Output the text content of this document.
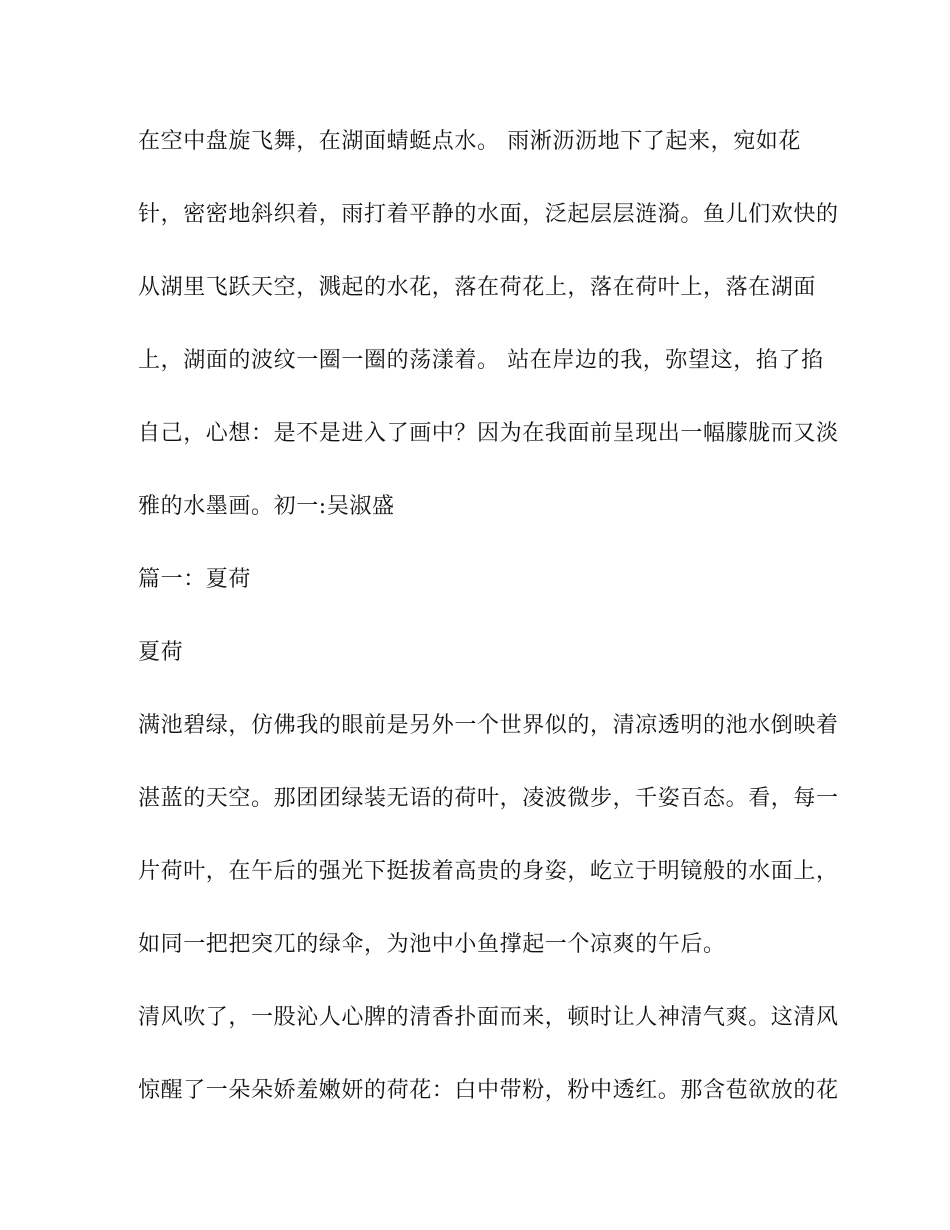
在空中盘旋飞舞，在湖面蜻蜓点水。 雨淅沥沥地下了起来，宛如花
针，密密地斜织着，雨打着平静的水面，泛起层层涟漪。鱼儿们欢快的
从湖里飞跃天空，溅起的水花，落在荷花上，落在荷叶上，落在湖面
上，湖面的波纹一圈一圈的荡漾着。 站在岸边的我，弥望这，掐了掐
自己，心想：是不是进入了画中？因为在我面前呈现出一幅朦胧而又淡
雅的水墨画。初一:吴淑盛
篇一：夏荷
夏荷
满池碧绿，仿佛我的眼前是另外一个世界似的，清凉透明的池水倒映着
湛蓝的天空。那团团绿装无语的荷叶，凌波微步，千姿百态。看，每一
片荷叶，在午后的强光下挺拔着高贵的身姿，屹立于明镜般的水面上，
如同一把把突兀的绿伞，为池中小鱼撑起一个凉爽的午后。
清风吹了，一股沁人心脾的清香扑面而来，顿时让人神清气爽。这清风
惊醒了一朵朵娇羞嫩妍的荷花：白中带粉，粉中透红。那含苞欲放的花
